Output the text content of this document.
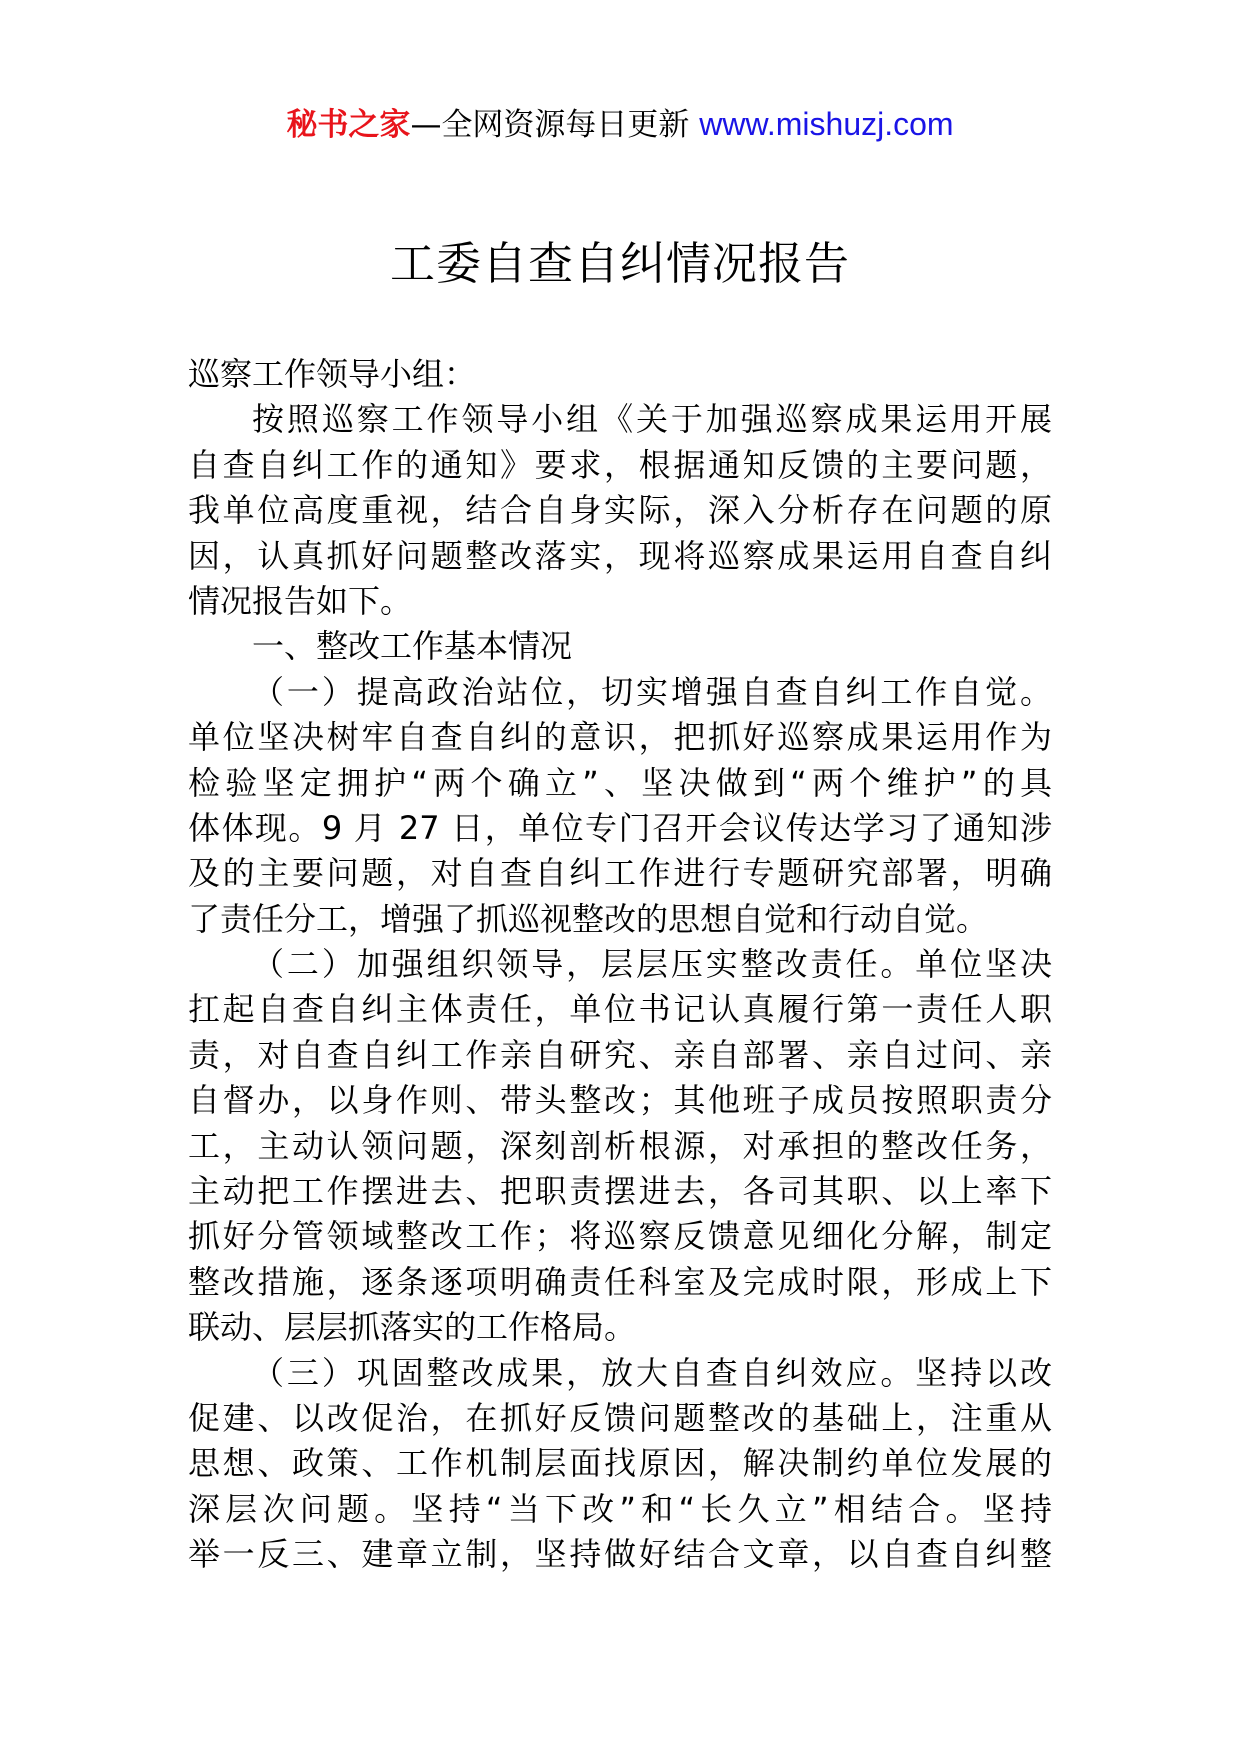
秘书之家—全网资源每日更新 www.mishuzj.com
工委自查自纠情况报告
巡察工作领导小组：
按照巡察工作领导小组《关于加强巡察成果运用开展
自查自纠工作的通知》要求，根据通知反馈的主要问题，
我单位高度重视，结合自身实际，深入分析存在问题的原
因，认真抓好问题整改落实，现将巡察成果运用自查自纠
情况报告如下。
一、整改工作基本情况
（一）提高政治站位，切实增强自查自纠工作自觉。
单位坚决树牢自查自纠的意识，把抓好巡察成果运用作为
检验坚定拥护“两个确立”、坚决做到“两个维护”的具
体体现。9 月 27 日，单位专门召开会议传达学习了通知涉
及的主要问题，对自查自纠工作进行专题研究部署，明确
了责任分工，增强了抓巡视整改的思想自觉和行动自觉。
（二）加强组织领导，层层压实整改责任。单位坚决
扛起自查自纠主体责任，单位书记认真履行第一责任人职
责，对自查自纠工作亲自研究、亲自部署、亲自过问、亲
自督办，以身作则、带头整改；其他班子成员按照职责分
工，主动认领问题，深刻剖析根源，对承担的整改任务，
主动把工作摆进去、把职责摆进去，各司其职、以上率下
抓好分管领域整改工作；将巡察反馈意见细化分解，制定
整改措施，逐条逐项明确责任科室及完成时限，形成上下
联动、层层抓落实的工作格局。
（三）巩固整改成果，放大自查自纠效应。坚持以改
促建、以改促治，在抓好反馈问题整改的基础上，注重从
思想、政策、工作机制层面找原因，解决制约单位发展的
深层次问题。坚持“当下改”和“长久立”相结合。坚持
举一反三、建章立制，坚持做好结合文章，以自查自纠整
